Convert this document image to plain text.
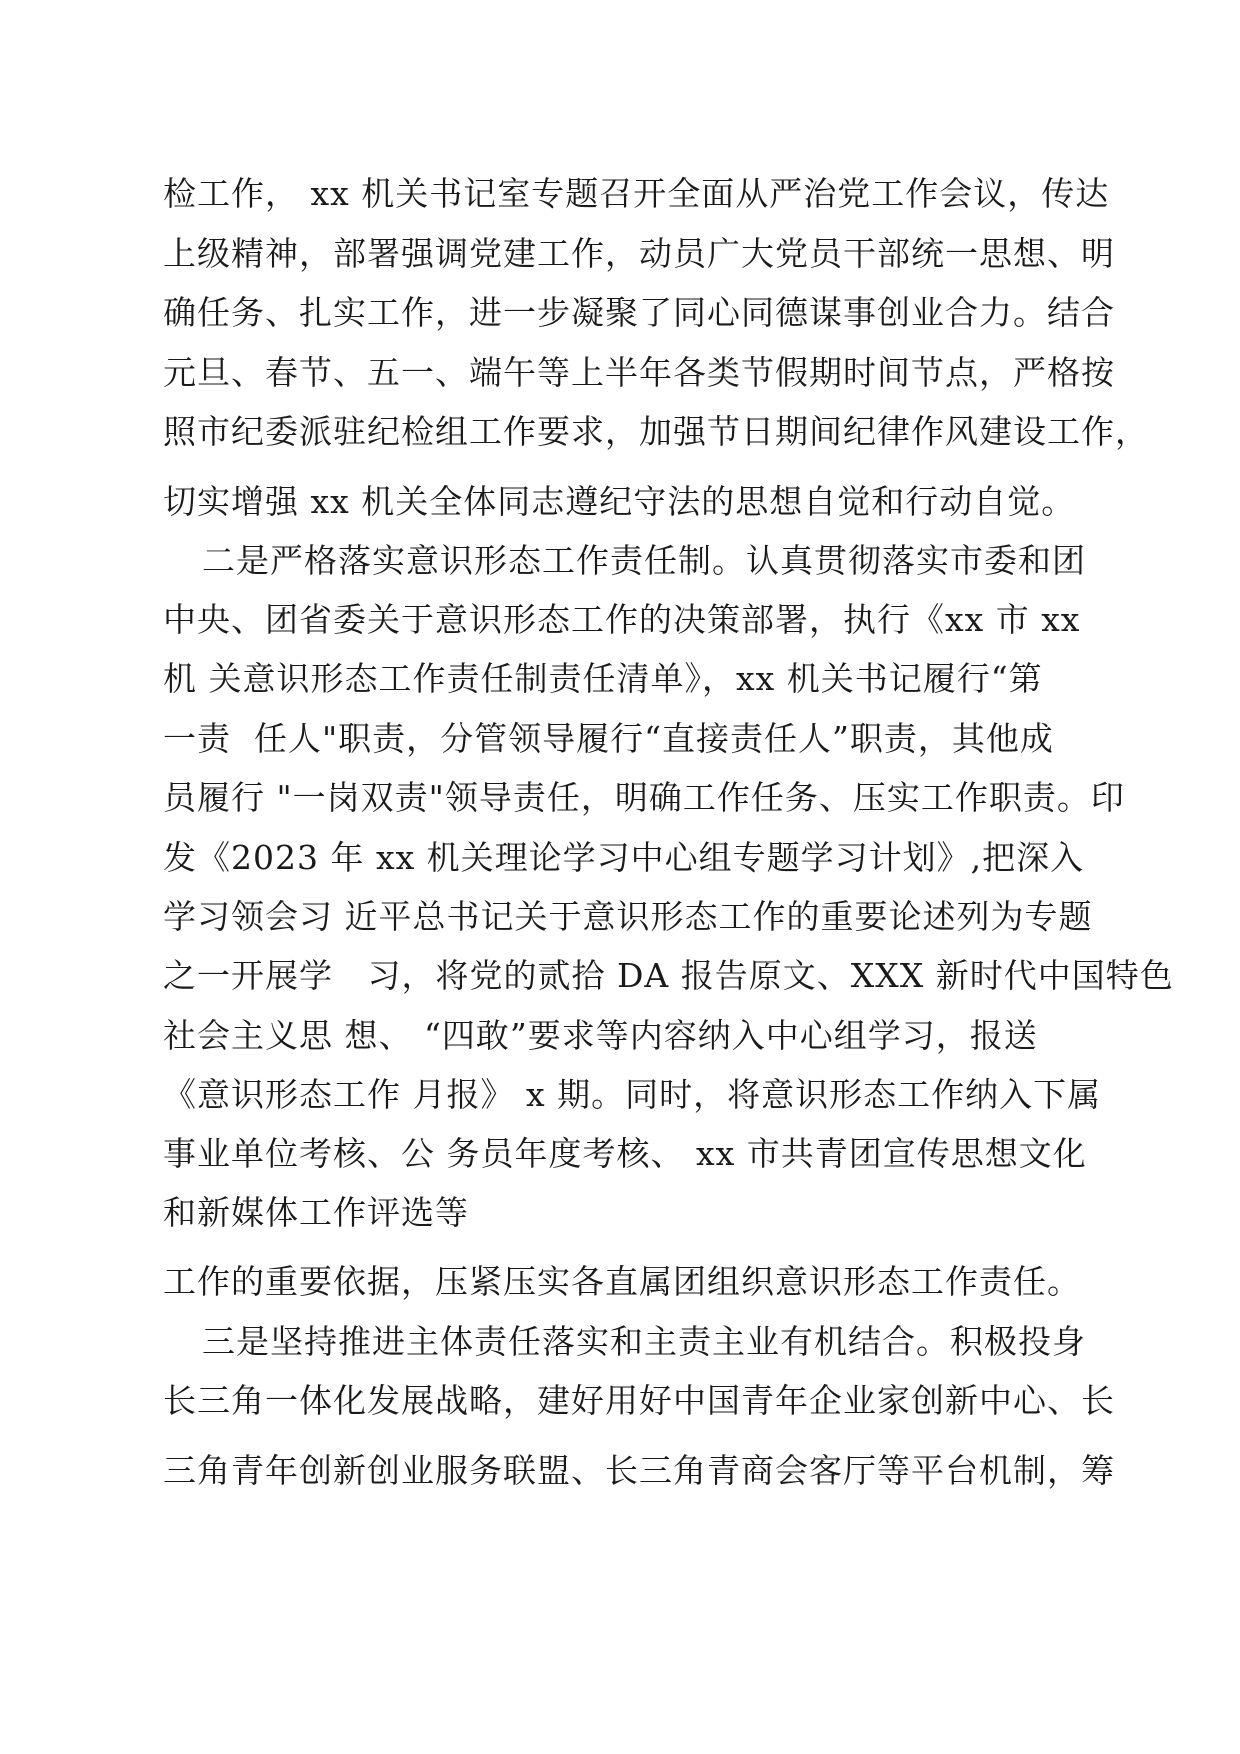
检工作， xx 机关书记室专题召开全面从严治党工作会议，传达
上级精神，部署强调党建工作，动员广大党员干部统一思想、明
确任务、扎实工作，进一步凝聚了同心同德谋事创业合力。结合
元旦、春节、五一、端午等上半年各类节假期时间节点，严格按
照市纪委派驻纪检组工作要求，加强节日期间纪律作风建设工作，
切实增强 xx 机关全体同志遵纪守法的思想自觉和行动自觉。
二是严格落实意识形态工作责任制。认真贯彻落实市委和团
中央、团省委关于意识形态工作的决策部署，执行《xx 市 xx
机 关意识形态工作责任制责任清单》，xx 机关书记履行“第
一责  任人"职责，分管领导履行“直接责任人”职责，其他成
员履行 "一岗双责"领导责任，明确工作任务、压实工作职责。印
发《2023 年 xx 机关理论学习中心组专题学习计划》,把深入
学习领会习 近平总书记关于意识形态工作的重要论述列为专题
之一开展学   习，将党的贰拾 DA 报告原文、XXX 新时代中国特色
社会主义思 想、 “四敢”要求等内容纳入中心组学习，报送
《意识形态工作 月报》 x 期。同时，将意识形态工作纳入下属
事业单位考核、公 务员年度考核、 xx 市共青团宣传思想文化
和新媒体工作评选等
工作的重要依据，压紧压实各直属团组织意识形态工作责任。
三是坚持推进主体责任落实和主责主业有机结合。积极投身
长三角一体化发展战略，建好用好中国青年企业家创新中心、长
三角青年创新创业服务联盟、长三角青商会客厅等平台机制，筹
